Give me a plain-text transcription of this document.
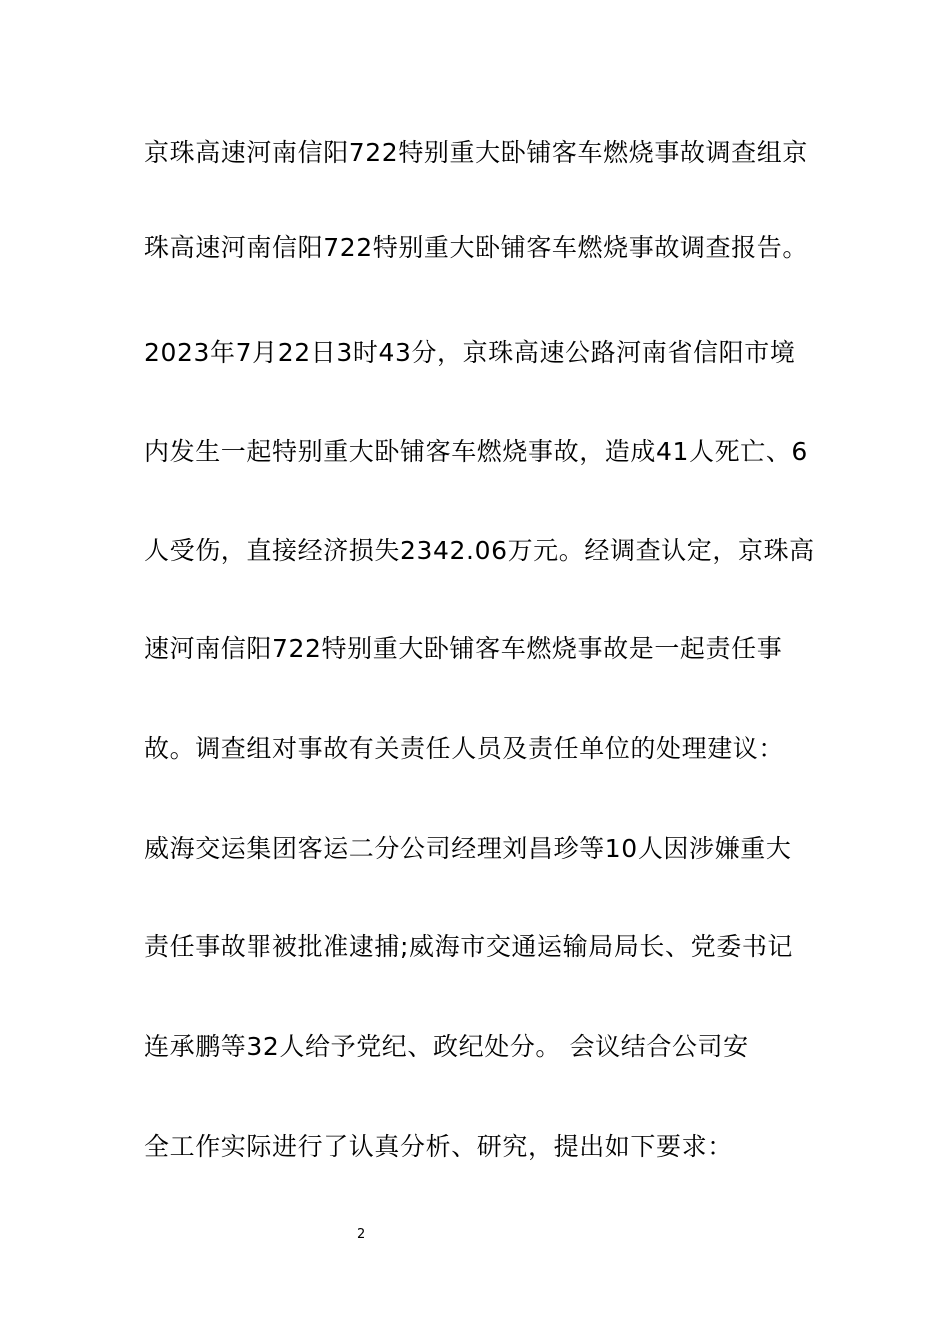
京珠高速河南信阳722特别重大卧铺客车燃烧事故调查组京
珠高速河南信阳722特别重大卧铺客车燃烧事故调查报告。
2023年7月22日3时43分，京珠高速公路河南省信阳市境
内发生一起特别重大卧铺客车燃烧事故，造成41人死亡、6
人受伤，直接经济损失2342.06万元。经调查认定，京珠高
速河南信阳722特别重大卧铺客车燃烧事故是一起责任事
故。调查组对事故有关责任人员及责任单位的处理建议：
威海交运集团客运二分公司经理刘昌珍等10人因涉嫌重大
责任事故罪被批准逮捕;威海市交通运输局局长、党委书记
连承鹏等32人给予党纪、政纪处分。 会议结合公司安
全工作实际进行了认真分析、研究，提出如下要求：
2
